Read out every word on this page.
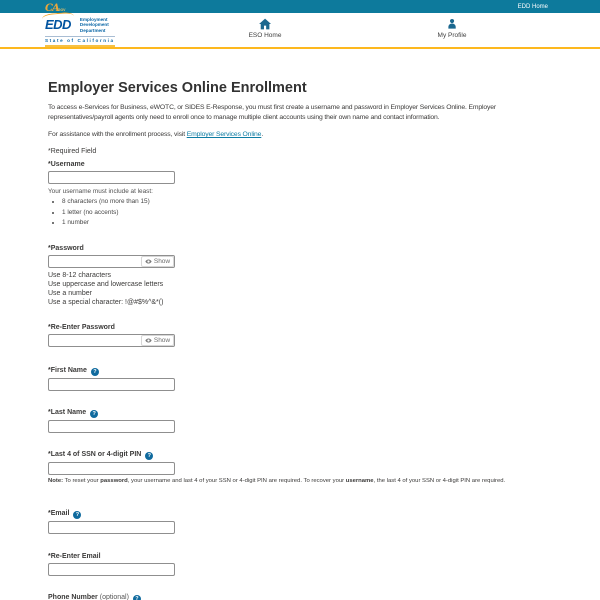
CAGOV	EDD Home
EDD	Employment
Development
Department
State of California
ESO Home	My Profile
Employer Services Online Enrollment

To access e-Services for Business, eWOTC, or SIDES E-Response, you must first create a username and password in Employer Services Online. Employer representatives/payroll agents only need to enroll once to manage multiple client accounts using their own name and contact information.

For assistance with the enrollment process, visit Employer Services Online.

*Required Field

*Username
Your username must include at least:
• 8 characters (no more than 15)
• 1 letter (no accents)
• 1 number
*Password
Show
Use 8-12 characters
Use uppercase and lowercase letters
Use a number
Use a special character: !@#$%^&*()
*Re-Enter Password
Show
*First Name ?
*Last Name ?
*Last 4 of SSN or 4-digit PIN ?

Note: To reset your password, your username and last 4 of your SSN or 4-digit PIN are required. To recover your username, the last 4 of your SSN or 4-digit PIN are required.

*Email ?
*Re-Enter Email
Phone Number (optional) ?
